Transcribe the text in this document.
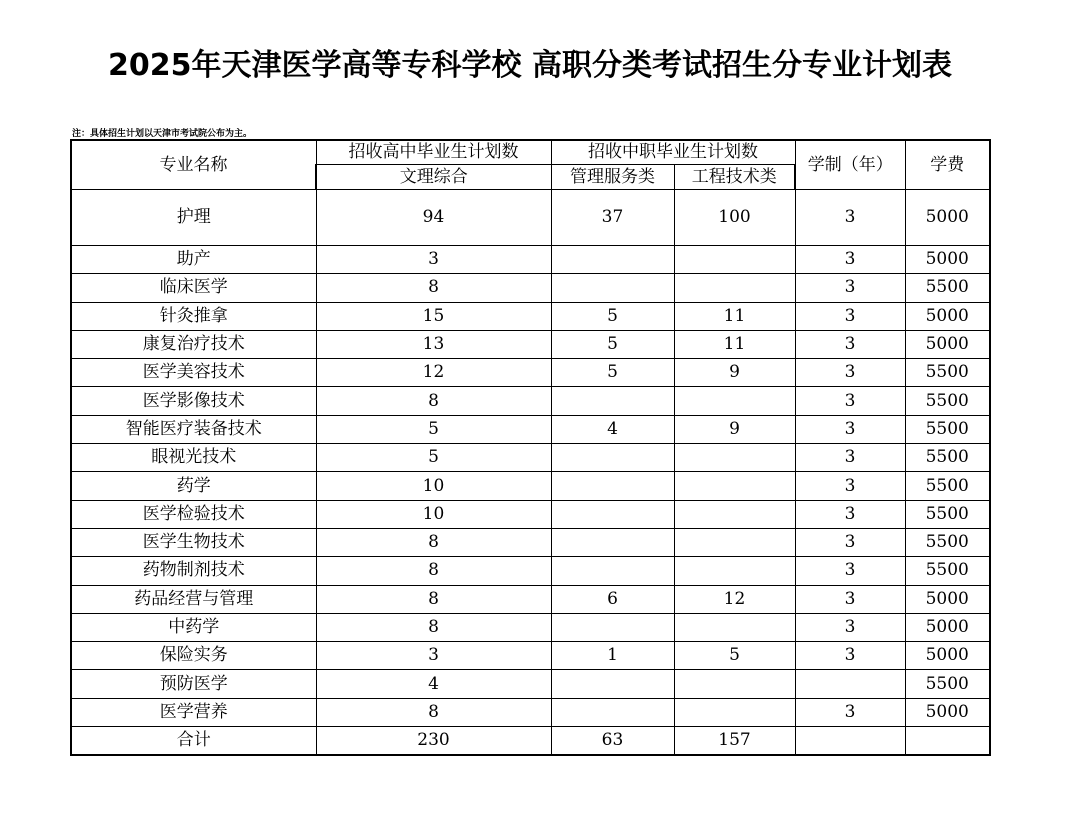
2025年天津医学高等专科学校 高职分类考试招生分专业计划表
注：具体招生计划以天津市考试院公布为主。
专业名称	招收高中毕业生计划数	招收中职毕业生计划数		学制（年）	学费
	文理综合	管理服务类	工程技术类		
护理	94	37	100	3	5000
助产	3			3	5000
临床医学	8			3	5500
针灸推拿	15	5	11	3	5000
康复治疗技术	13	5	11	3	5000
医学美容技术	12	5	9	3	5500
医学影像技术	8			3	5500
智能医疗装备技术	5	4	9	3	5500
眼视光技术	5			3	5500
药学	10			3	5500
医学检验技术	10			3	5500
医学生物技术	8			3	5500
药物制剂技术	8			3	5500
药品经营与管理	8	6	12	3	5000
中药学	8			3	5000
保险实务	3	1	5	3	5000
预防医学	4				5500
医学营养	8			3	5000
合计	230	63	157		
